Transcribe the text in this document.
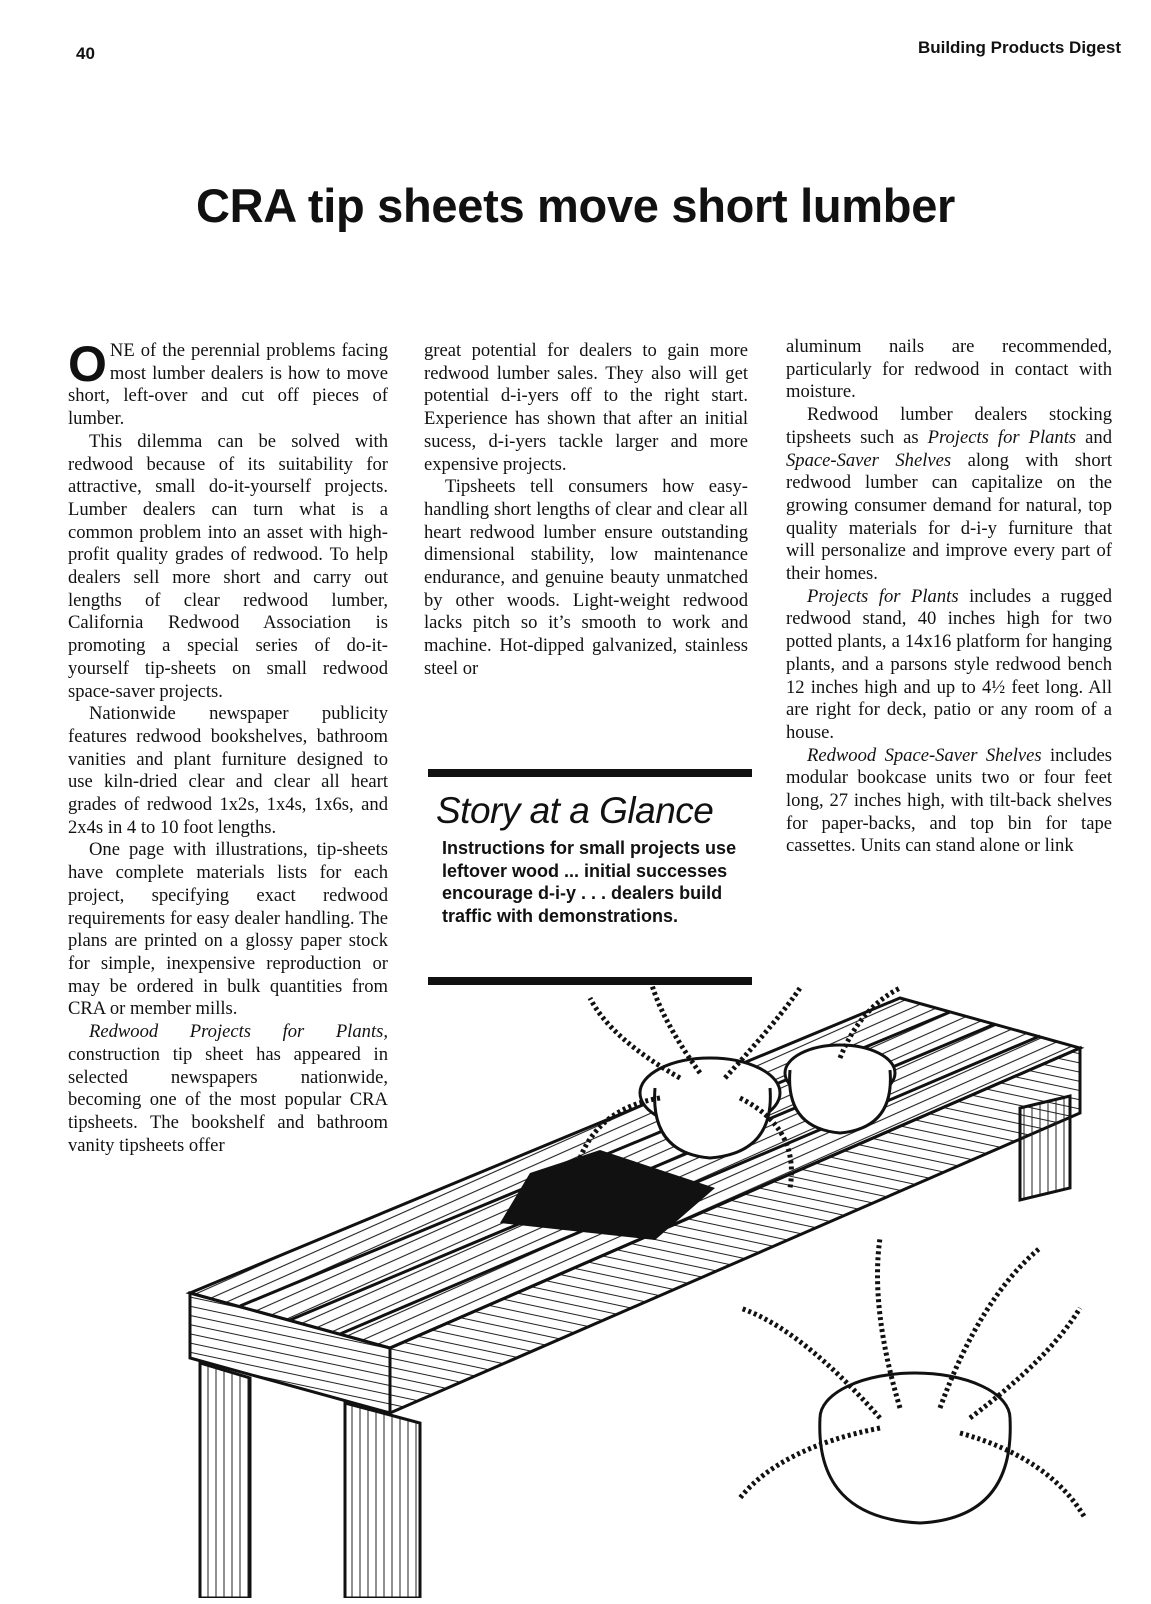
40	Building Products Digest
CRA tip sheets move short lumber

ONE of the perennial problems facing most lumber dealers is how to move short, left-over and cut off pieces of lumber.

This dilemma can be solved with redwood because of its suitability for attractive, small do-it-yourself projects. Lumber dealers can turn what is a common problem into an asset with high-profit quality grades of redwood. To help dealers sell more short and carry out lengths of clear redwood lumber, California Redwood Association is promoting a special series of do-it-yourself tip-sheets on small redwood space-saver projects.

Nationwide newspaper publicity features redwood bookshelves, bathroom vanities and plant furniture designed to use kiln-dried clear and clear all heart grades of redwood 1x2s, 1x4s, 1x6s, and 2x4s in 4 to 10 foot lengths.

One page with illustrations, tip-sheets have complete materials lists for each project, specifying exact redwood requirements for easy dealer handling. The plans are printed on a glossy paper stock for simple, inexpensive reproduction or may be ordered in bulk quantities from CRA or member mills.

Redwood Projects for Plants, construction tip sheet has appeared in selected newspapers nationwide, becoming one of the most popular CRA tipsheets. The bookshelf and bathroom vanity tipsheets offer

great potential for dealers to gain more redwood lumber sales. They also will get potential d-i-yers off to the right start. Experience has shown that after an initial sucess, d-i-yers tackle larger and more expensive projects.

Tipsheets tell consumers how easy-handling short lengths of clear and clear all heart redwood lumber ensure outstanding dimensional stability, low maintenance endurance, and genuine beauty unmatched by other woods. Light-weight redwood lacks pitch so it’s smooth to work and machine. Hot-dipped galvanized, stainless steel or

aluminum nails are recommended, particularly for redwood in contact with moisture.

Redwood lumber dealers stocking tipsheets such as Projects for Plants and Space-Saver Shelves along with short redwood lumber can capitalize on the growing consumer demand for natural, top quality materials for d-i-y furniture that will personalize and improve every part of their homes.

Projects for Plants includes a rugged redwood stand, 40 inches high for two potted plants, a 14x16 platform for hanging plants, and a parsons style redwood bench 12 inches high and up to 4½ feet long. All are right for deck, patio or any room of a house.

Redwood Space-Saver Shelves includes modular bookcase units two or four feet long, 27 inches high, with tilt-back shelves for paper-backs, and top bin for tape cassettes. Units can stand alone or link

Story at a Glance

Instructions for small projects use leftover wood ... initial successes encourage d-i-y . . . dealers build traffic with demonstrations.
